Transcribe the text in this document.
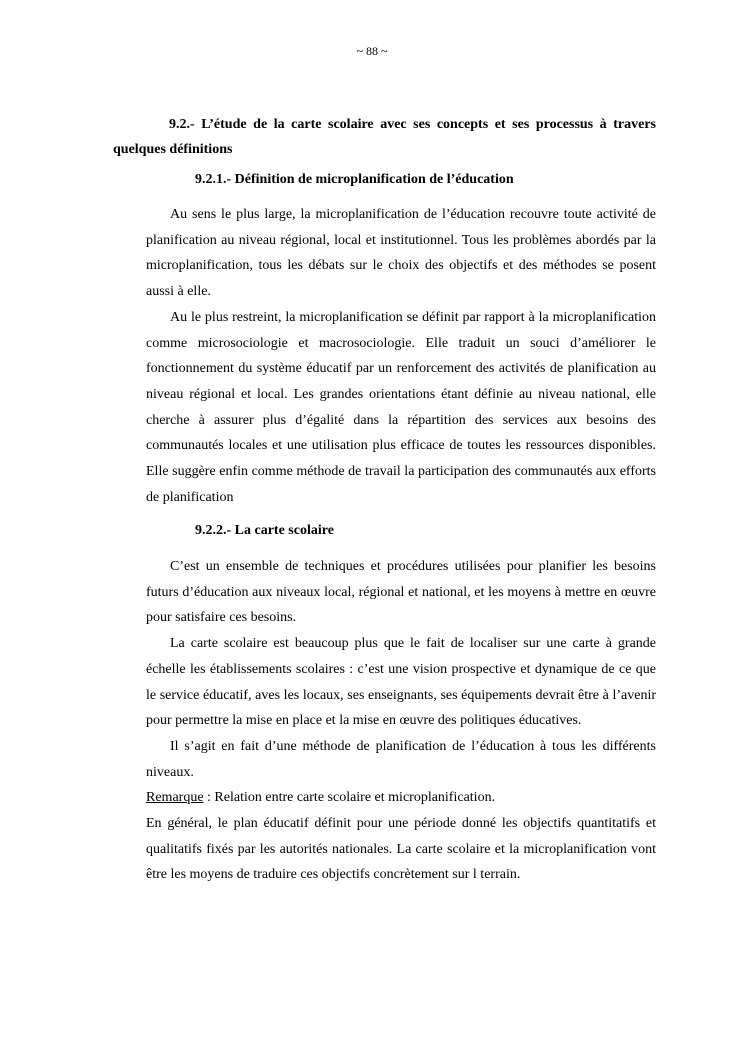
~ 88 ~

9.2.- L’étude de la carte scolaire avec ses concepts et ses processus à travers quelques définitions

9.2.1.- Définition de microplanification de l’éducation

Au sens le plus large, la microplanification de l’éducation recouvre toute activité de planification au niveau régional, local et institutionnel. Tous les problèmes abordés par la microplanification, tous les débats sur le choix des objectifs et des méthodes se posent aussi à elle.

Au le plus restreint, la microplanification se définit par rapport à la microplanification comme microsociologie et macrosociologie. Elle traduit un souci d’améliorer le fonctionnement du système éducatif par un renforcement des activités de planification au niveau régional et local. Les grandes orientations étant définie au niveau national, elle cherche à assurer plus d’égalité dans la répartition des services aux besoins des communautés locales et une utilisation plus efficace de toutes les ressources disponibles. Elle suggère enfin comme méthode de travail la participation des communautés aux efforts de planification

9.2.2.- La carte scolaire

C’est un ensemble de techniques et procédures utilisées pour planifier les besoins futurs d’éducation aux niveaux local, régional et national, et les moyens à mettre en œuvre pour satisfaire ces besoins.

La carte scolaire est beaucoup plus que le fait de localiser sur une carte à grande échelle les établissements scolaires : c’est une vision prospective et dynamique de ce que le service éducatif, aves les locaux, ses enseignants, ses équipements devrait être à l’avenir pour permettre la mise en place et la mise en œuvre des politiques éducatives.

Il s’agit en fait d’une méthode de planification de l’éducation à tous les différents niveaux.

Remarque : Relation entre carte scolaire et microplanification.

En général, le plan éducatif définit pour une période donné les objectifs quantitatifs et qualitatifs fixés par les autorités nationales. La carte scolaire et la microplanification vont être les moyens de traduire ces objectifs concrètement sur l terrain.
